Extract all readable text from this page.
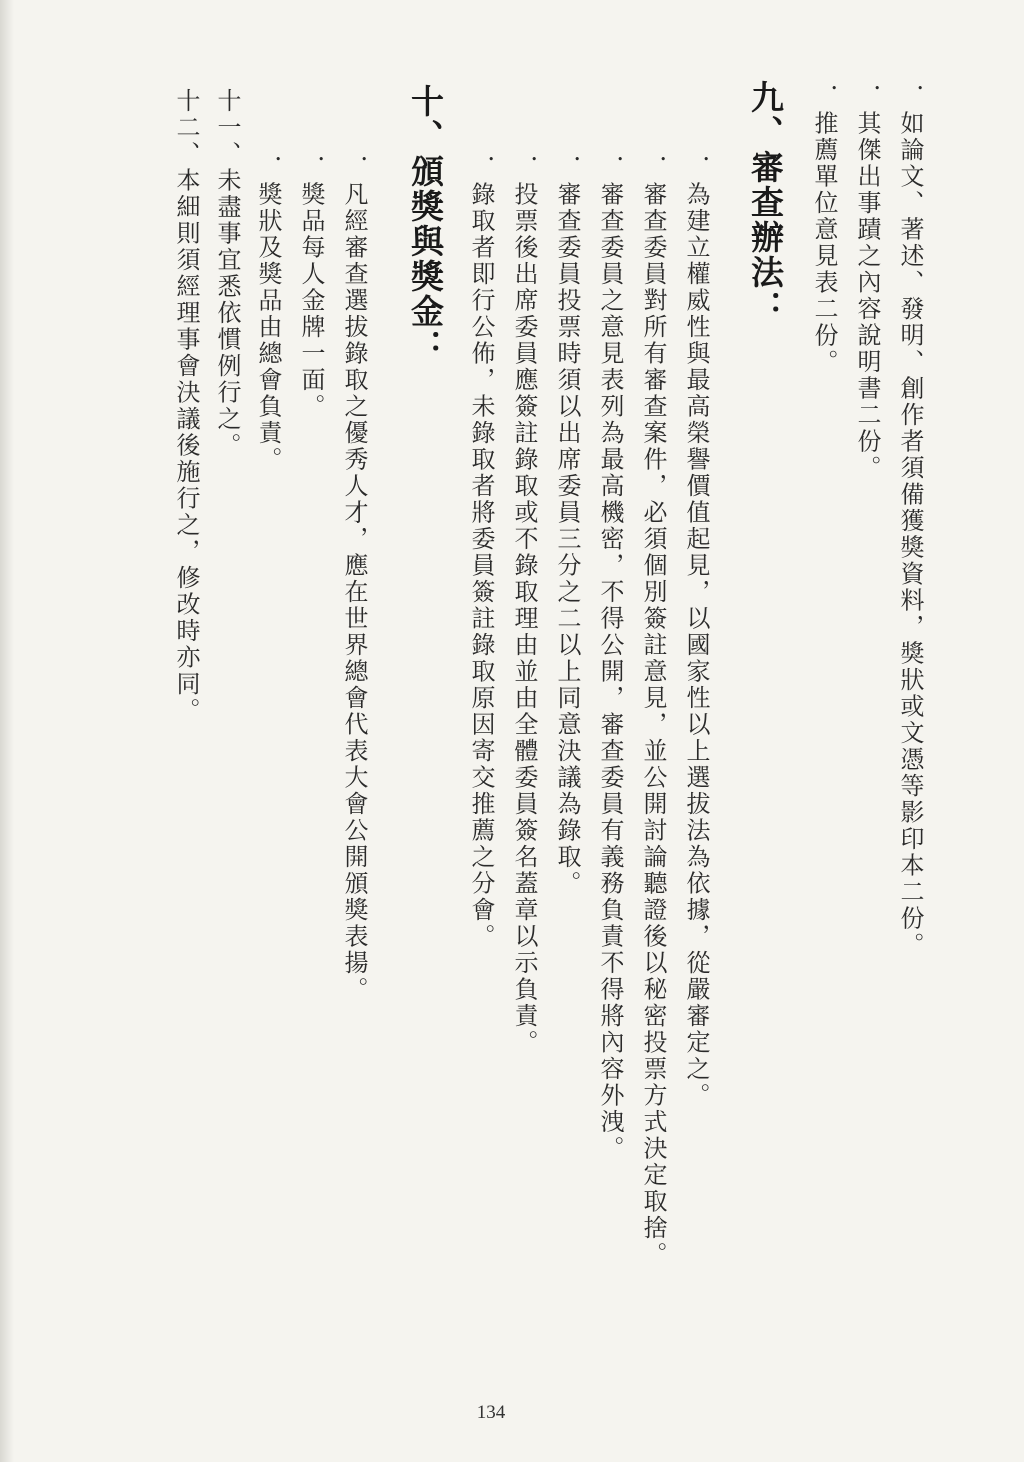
．如論文、著述、發明、創作者須備獲獎資料，獎狀或文憑等影印本二份。
．其傑出事蹟之內容說明書二份。
．推薦單位意見表二份。
九、審查辦法：
．為建立權威性與最高榮譽價值起見，以國家性以上選拔法為依據，從嚴審定之。
．審查委員對所有審查案件，必須個別簽註意見，並公開討論聽證後以秘密投票方式決定取捨。
．審查委員之意見表列為最高機密，不得公開，審查委員有義務負責不得將內容外洩。
．審查委員投票時須以出席委員三分之二以上同意決議為錄取。
．投票後出席委員應簽註錄取或不錄取理由並由全體委員簽名蓋章以示負責。
．錄取者即行公佈，未錄取者將委員簽註錄取原因寄交推薦之分會。
十、頒獎與獎金：
．凡經審查選拔錄取之優秀人才，應在世界總會代表大會公開頒獎表揚。
．獎品每人金牌一面。
．獎狀及獎品由總會負責。
十一、未盡事宜悉依慣例行之。
十二、本細則須經理事會決議後施行之，修改時亦同。
134
